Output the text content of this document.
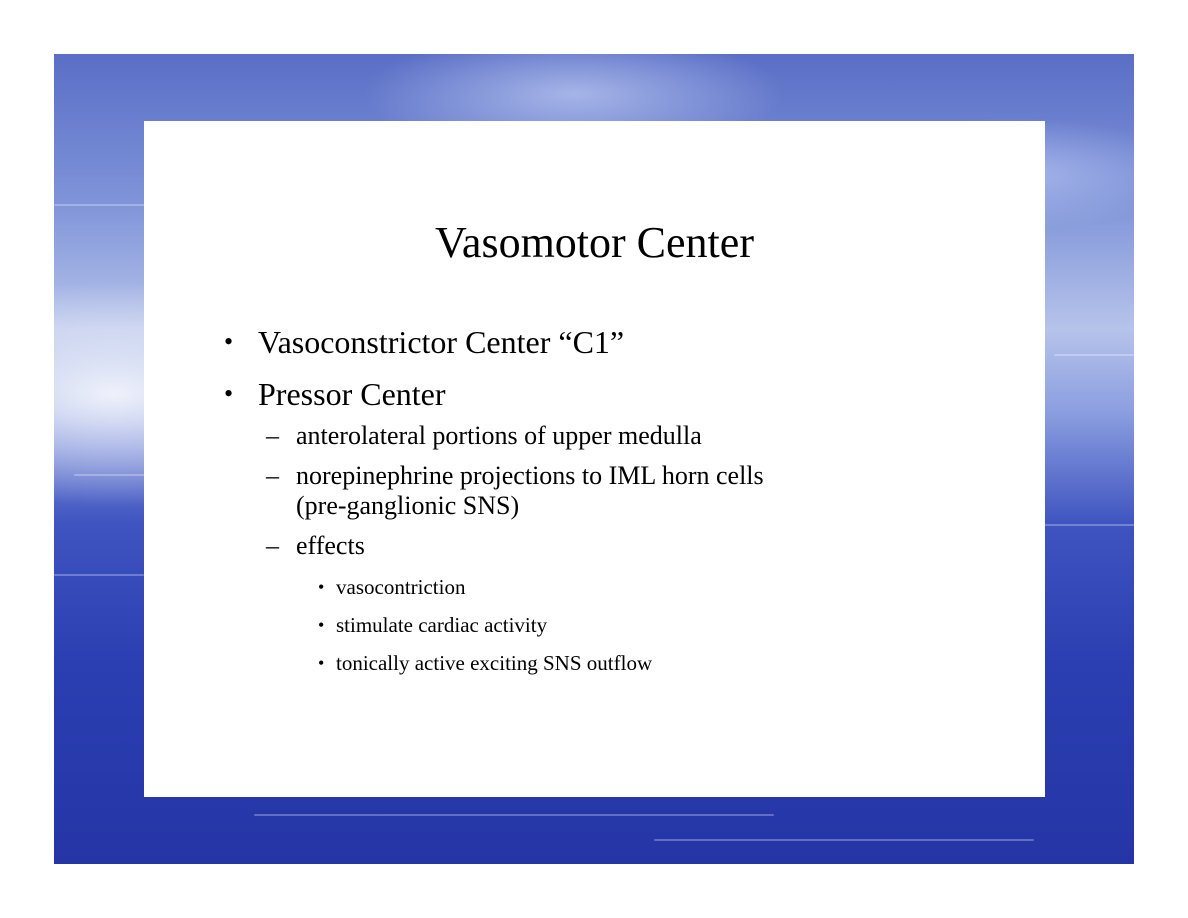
Vasomotor Center
• Vasoconstrictor Center “C1”
• Pressor Center
– anterolateral portions of upper medulla
– norepinephrine projections to IML horn cells
(pre-ganglionic SNS)
– effects
• vasocontriction
• stimulate cardiac activity
• tonically active exciting SNS outflow
